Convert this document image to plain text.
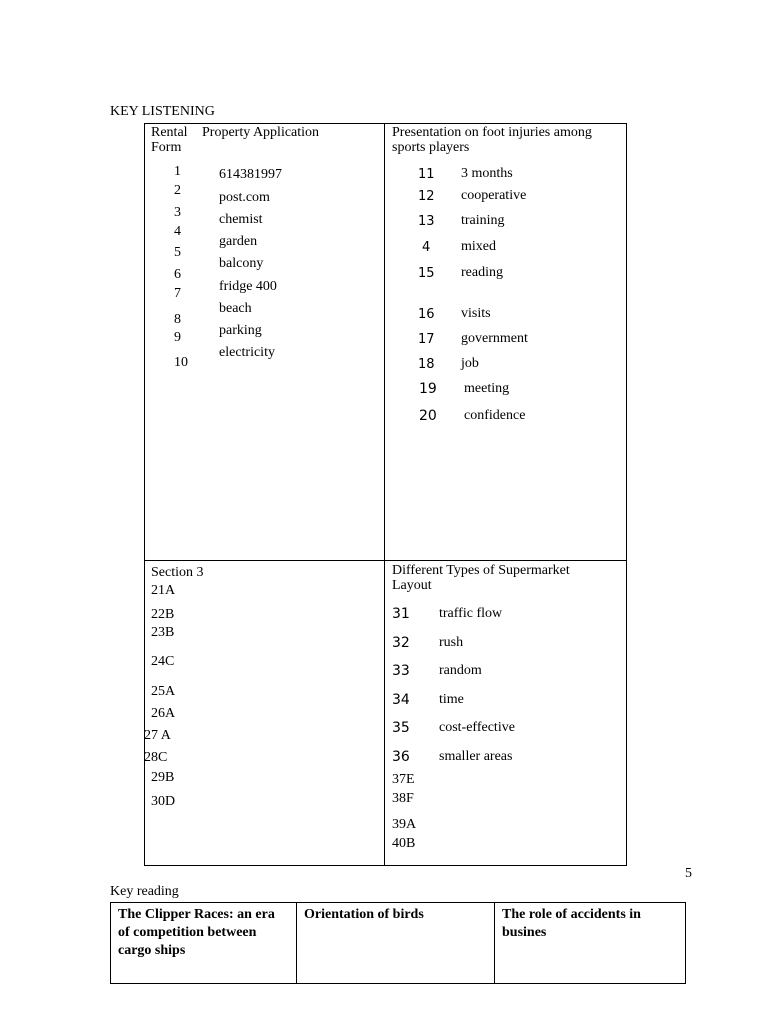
KEY LISTENING
Rental
Form
Property Application
1
2
3
4
5
6
7
8
9
10
614381997
post.com
chemist
garden
balcony
fridge 400
beach
parking
electricity
Presentation on foot injuries among
sports players
11 3 months
12 cooperative
13 training
4 mixed
15 reading
16 visits
17 government
18 job
19 meeting
20 confidence
Section 3
21A
22B
23B
24C
25A
26A
27 A
28C
29B
30D
Different Types of Supermarket
Layout
31 traffic flow
32 rush
33 random
34 time
35 cost-effective
36 smaller areas
37E
38F
39A
40B
5
Key reading
The Clipper Races: an era of competition between cargo ships
Orientation of birds	The role of accidents in busines
